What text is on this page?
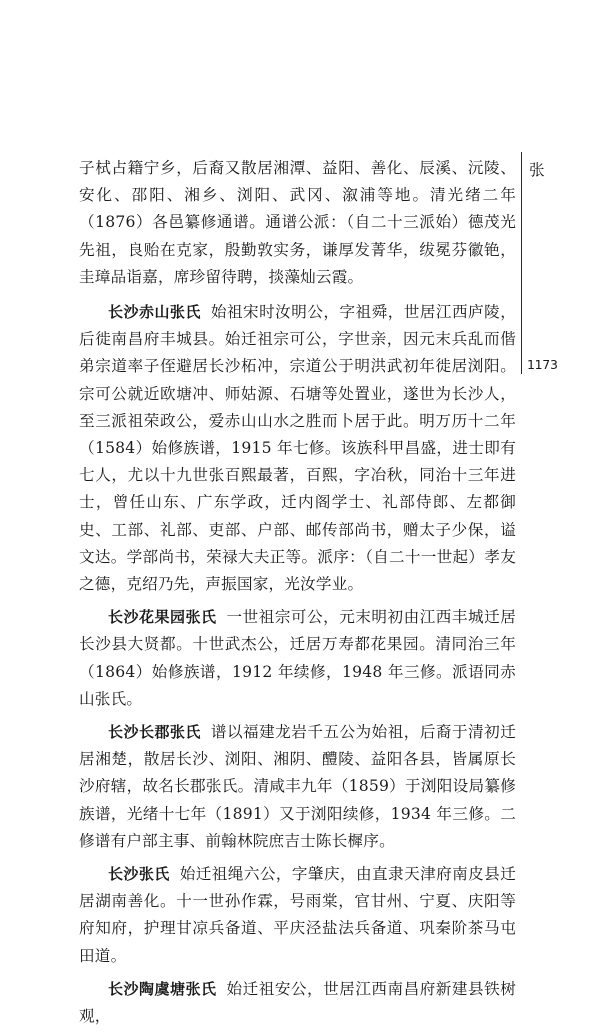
子栻占籍宁乡，后裔又散居湘潭、益阳、善化、辰溪、沅陵、安化、邵阳、湘乡、浏阳、武冈、溆浦等地。清光绪二年（1876）各邑纂修通谱。通谱公派：（自二十三派始）德茂光先祖，良贻在克家，殷勤敦实务，谦厚发菁华，绂冕芬徽铯，圭璋品诣嘉，席珍留待聘，掞藻灿云霞。

长沙赤山张氏 始祖宋时汝明公，字祖舜，世居江西庐陵，后徙南昌府丰城县。始迁祖宗可公，字世亲，因元末兵乱而偕弟宗道率子侄避居长沙柘冲，宗道公于明洪武初年徙居浏阳。宗可公就近欧塘冲、师姑源、石塘等处置业，遂世为长沙人，至三派祖荣政公，爱赤山山水之胜而卜居于此。明万历十二年（1584）始修族谱，1915 年七修。该族科甲昌盛，进士即有七人，尤以十九世张百熙最著，百熙，字冶秋，同治十三年进士，曾任山东、广东学政，迁内阁学士、礼部侍郎、左都御史、工部、礼部、吏部、户部、邮传部尚书，赠太子少保，谥文达。学部尚书，荣禄大夫正等。派序：（自二十一世起）孝友之德，克绍乃先，声振国家，光汝学业。

长沙花果园张氏 一世祖宗可公，元末明初由江西丰城迁居长沙县大贤都。十世武杰公，迁居万寿都花果园。清同治三年（1864）始修族谱，1912 年续修，1948 年三修。派语同赤山张氏。

长沙长郡张氏 谱以福建龙岩千五公为始祖，后裔于清初迁居湘楚，散居长沙、浏阳、湘阴、醴陵、益阳各县，皆属原长沙府辖，故名长郡张氏。清咸丰九年（1859）于浏阳设局纂修族谱，光绪十七年（1891）又于浏阳续修，1934 年三修。二修谱有户部主事、前翰林院庶吉士陈长樨序。

长沙张氏 始迁祖绳六公，字肇庆，由直隶天津府南皮县迁居湖南善化。十一世孙作霖，号雨棠，官甘州、宁夏、庆阳等府知府，护理甘凉兵备道、平庆泾盐法兵备道、巩秦阶茶马屯田道。

长沙陶虞塘张氏 始迁祖安公，世居江西南昌府新建县铁树观，

张
1173
